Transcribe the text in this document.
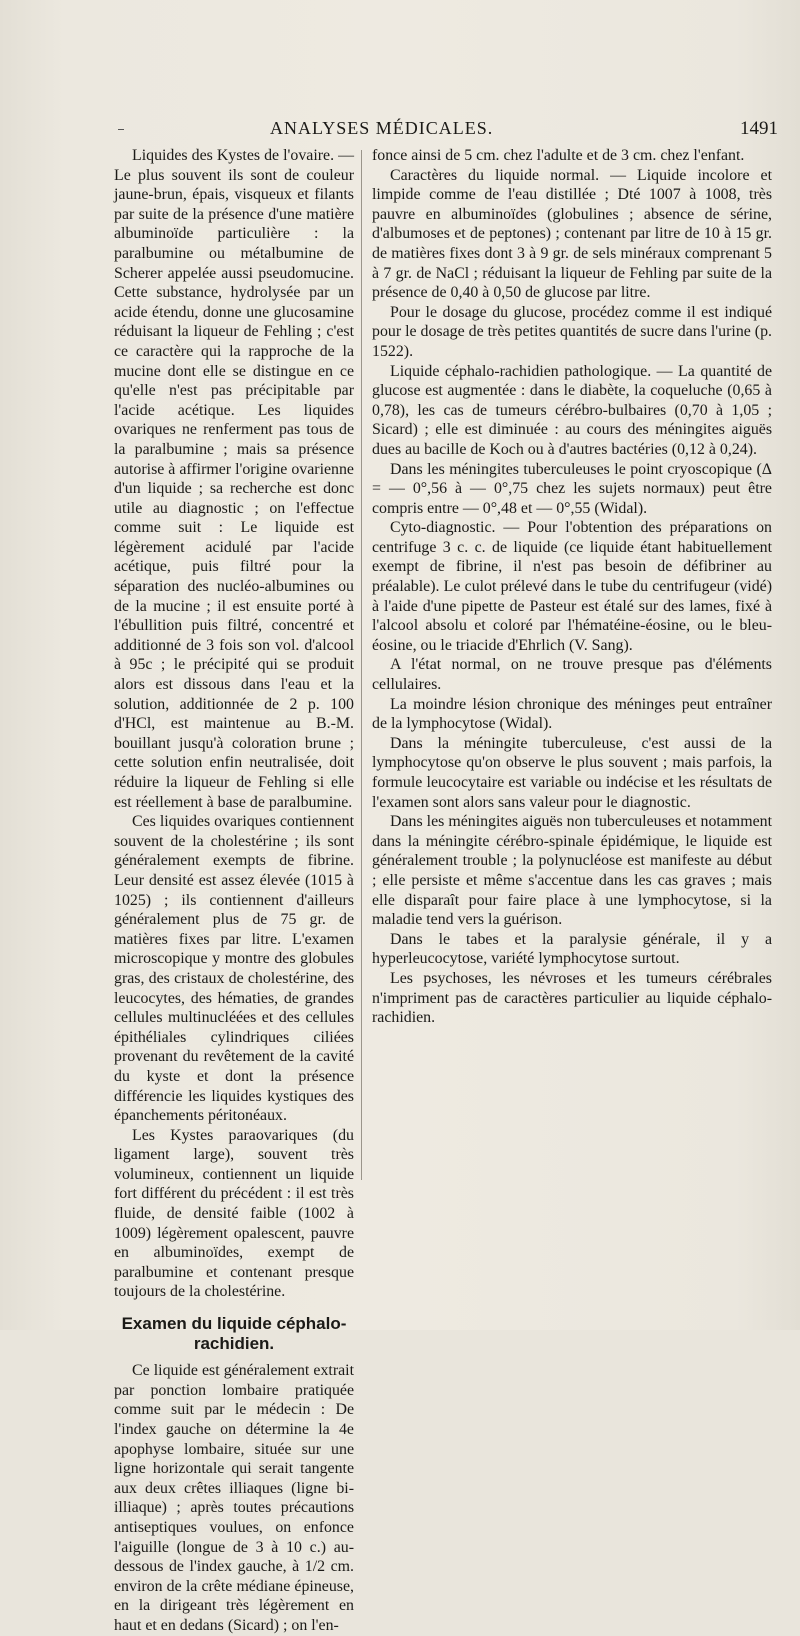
ANALYSES MÉDICALES.	1491

Liquides des Kystes de l'ovaire. — Le plus souvent ils sont de couleur jaune-brun, épais, visqueux et filants par suite de la présence d'une matière albuminoïde particulière : la paralbumine ou métalbumine de Scherer appelée aussi pseudomucine. Cette substance, hydrolysée par un acide étendu, donne une glucosamine réduisant la liqueur de Fehling ; c'est ce caractère qui la rapproche de la mucine dont elle se distingue en ce qu'elle n'est pas précipitable par l'acide acétique. Les liquides ovariques ne renferment pas tous de la paralbumine ; mais sa présence autorise à affirmer l'origine ovarienne d'un liquide ; sa recherche est donc utile au diagnostic ; on l'effectue comme suit : Le liquide est légèrement acidulé par l'acide acétique, puis filtré pour la séparation des nucléo-albumines ou de la mucine ; il est ensuite porté à l'ébullition puis filtré, concentré et additionné de 3 fois son vol. d'alcool à 95c ; le précipité qui se produit alors est dissous dans l'eau et la solution, additionnée de 2 p. 100 d'HCl, est maintenue au B.-M. bouillant jusqu'à coloration brune ; cette solution enfin neutralisée, doit réduire la liqueur de Fehling si elle est réellement à base de paralbumine.

Ces liquides ovariques contiennent souvent de la cholestérine ; ils sont généralement exempts de fibrine. Leur densité est assez élevée (1015 à 1025) ; ils contiennent d'ailleurs généralement plus de 75 gr. de matières fixes par litre. L'examen microscopique y montre des globules gras, des cristaux de cholestérine, des leucocytes, des hématies, de grandes cellules multinucléées et des cellules épithéliales cylindriques ciliées provenant du revêtement de la cavité du kyste et dont la présence différencie les liquides kystiques des épanchements péritonéaux.

Les Kystes paraovariques (du ligament large), souvent très volumineux, contiennent un liquide fort différent du précédent : il est très fluide, de densité faible (1002 à 1009) légèrement opalescent, pauvre en albuminoïdes, exempt de paralbumine et contenant presque toujours de la cholestérine.

Examen du liquide céphalo-rachidien.

Ce liquide est généralement extrait par ponction lombaire pratiquée comme suit par le médecin : De l'index gauche on détermine la 4e apophyse lombaire, située sur une ligne horizontale qui serait tangente aux deux crêtes illiaques (ligne bi-illiaque) ; après toutes précautions antiseptiques voulues, on enfonce l'aiguille (longue de 3 à 10 c.) au-dessous de l'index gauche, à 1/2 cm. environ de la crête médiane épineuse, en la dirigeant très légèrement en haut et en dedans (Sicard) ; on l'en-

fonce ainsi de 5 cm. chez l'adulte et de 3 cm. chez l'enfant.

Caractères du liquide normal. — Liquide incolore et limpide comme de l'eau distillée ; Dté 1007 à 1008, très pauvre en albuminoïdes (globulines ; absence de sérine, d'albumoses et de peptones) ; contenant par litre de 10 à 15 gr. de matières fixes dont 3 à 9 gr. de sels minéraux comprenant 5 à 7 gr. de NaCl ; réduisant la liqueur de Fehling par suite de la présence de 0,40 à 0,50 de glucose par litre.

Pour le dosage du glucose, procédez comme il est indiqué pour le dosage de très petites quantités de sucre dans l'urine (p. 1522).

Liquide céphalo-rachidien pathologique. — La quantité de glucose est augmentée : dans le diabète, la coqueluche (0,65 à 0,78), les cas de tumeurs cérébro-bulbaires (0,70 à 1,05 ; Sicard) ; elle est diminuée : au cours des méningites aiguës dues au bacille de Koch ou à d'autres bactéries (0,12 à 0,24).

Dans les méningites tuberculeuses le point cryoscopique (Δ = — 0°,56 à — 0°,75 chez les sujets normaux) peut être compris entre — 0°,48 et — 0°,55 (Widal).

Cyto-diagnostic. — Pour l'obtention des préparations on centrifuge 3 c. c. de liquide (ce liquide étant habituellement exempt de fibrine, il n'est pas besoin de défibriner au préalable). Le culot prélevé dans le tube du centrifugeur (vidé) à l'aide d'une pipette de Pasteur est étalé sur des lames, fixé à l'alcool absolu et coloré par l'hématéine-éosine, ou le bleu-éosine, ou le triacide d'Ehrlich (V. Sang).

A l'état normal, on ne trouve presque pas d'éléments cellulaires.

La moindre lésion chronique des méninges peut entraîner de la lymphocytose (Widal).

Dans la méningite tuberculeuse, c'est aussi de la lymphocytose qu'on observe le plus souvent ; mais parfois, la formule leucocytaire est variable ou indécise et les résultats de l'examen sont alors sans valeur pour le diagnostic.

Dans les méningites aiguës non tuberculeuses et notamment dans la méningite cérébro-spinale épidémique, le liquide est généralement trouble ; la polynucléose est manifeste au début ; elle persiste et même s'accentue dans les cas graves ; mais elle disparaît pour faire place à une lymphocytose, si la maladie tend vers la guérison.

Dans le tabes et la paralysie générale, il y a hyperleucocytose, variété lymphocytose surtout.

Les psychoses, les névroses et les tumeurs cérébrales n'impriment pas de caractères particulier au liquide céphalo-rachidien.
